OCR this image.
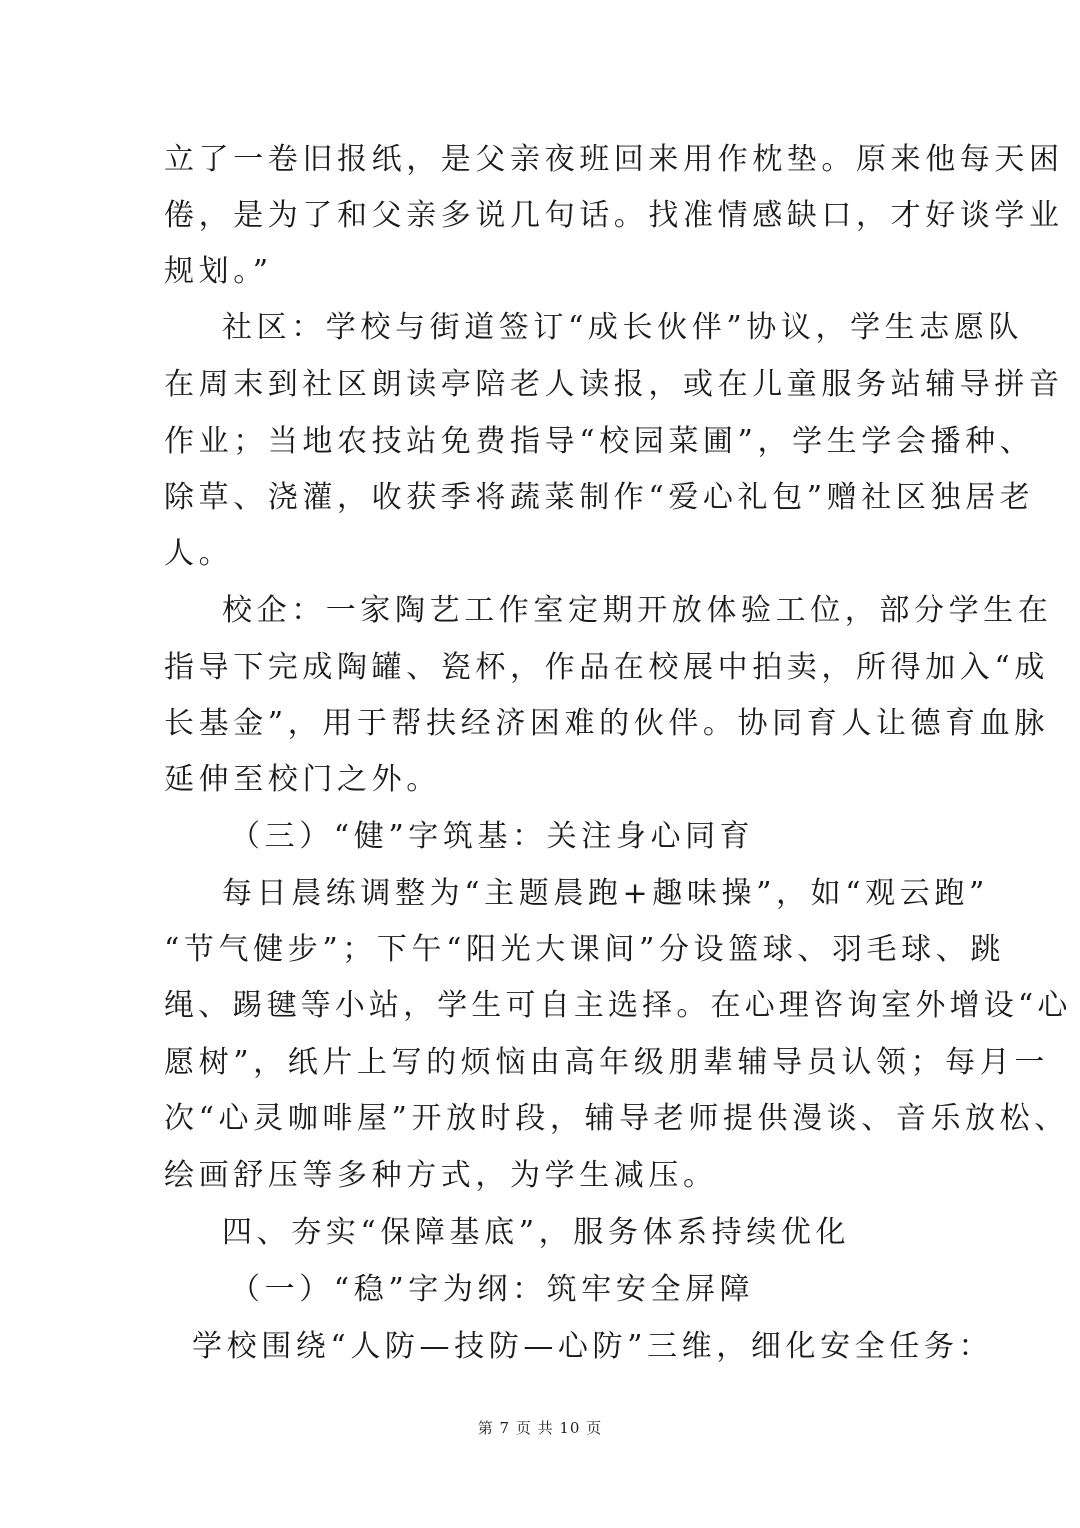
立了一卷旧报纸，是父亲夜班回来用作枕垫。原来他每天困
倦，是为了和父亲多说几句话。找准情感缺口，才好谈学业
规划。”
社区：学校与街道签订“成长伙伴”协议，学生志愿队
在周末到社区朗读亭陪老人读报，或在儿童服务站辅导拼音
作业；当地农技站免费指导“校园菜圃”，学生学会播种、
除草、浇灌，收获季将蔬菜制作“爱心礼包”赠社区独居老
人。
校企：一家陶艺工作室定期开放体验工位，部分学生在
指导下完成陶罐、瓷杯，作品在校展中拍卖，所得加入“成
长基金”，用于帮扶经济困难的伙伴。协同育人让德育血脉
延伸至校门之外。
（三）“健”字筑基：关注身心同育
每日晨练调整为“主题晨跑+趣味操”，如“观云跑”
“节气健步”；下午“阳光大课间”分设篮球、羽毛球、跳
绳、踢毽等小站，学生可自主选择。在心理咨询室外增设“心
愿树”，纸片上写的烦恼由高年级朋辈辅导员认领；每月一
次“心灵咖啡屋”开放时段，辅导老师提供漫谈、音乐放松、
绘画舒压等多种方式，为学生减压。
四、夯实“保障基底”，服务体系持续优化
（一）“稳”字为纲：筑牢安全屏障
学校围绕“人防—技防—心防”三维，细化安全任务：
第 7 页 共 10 页
